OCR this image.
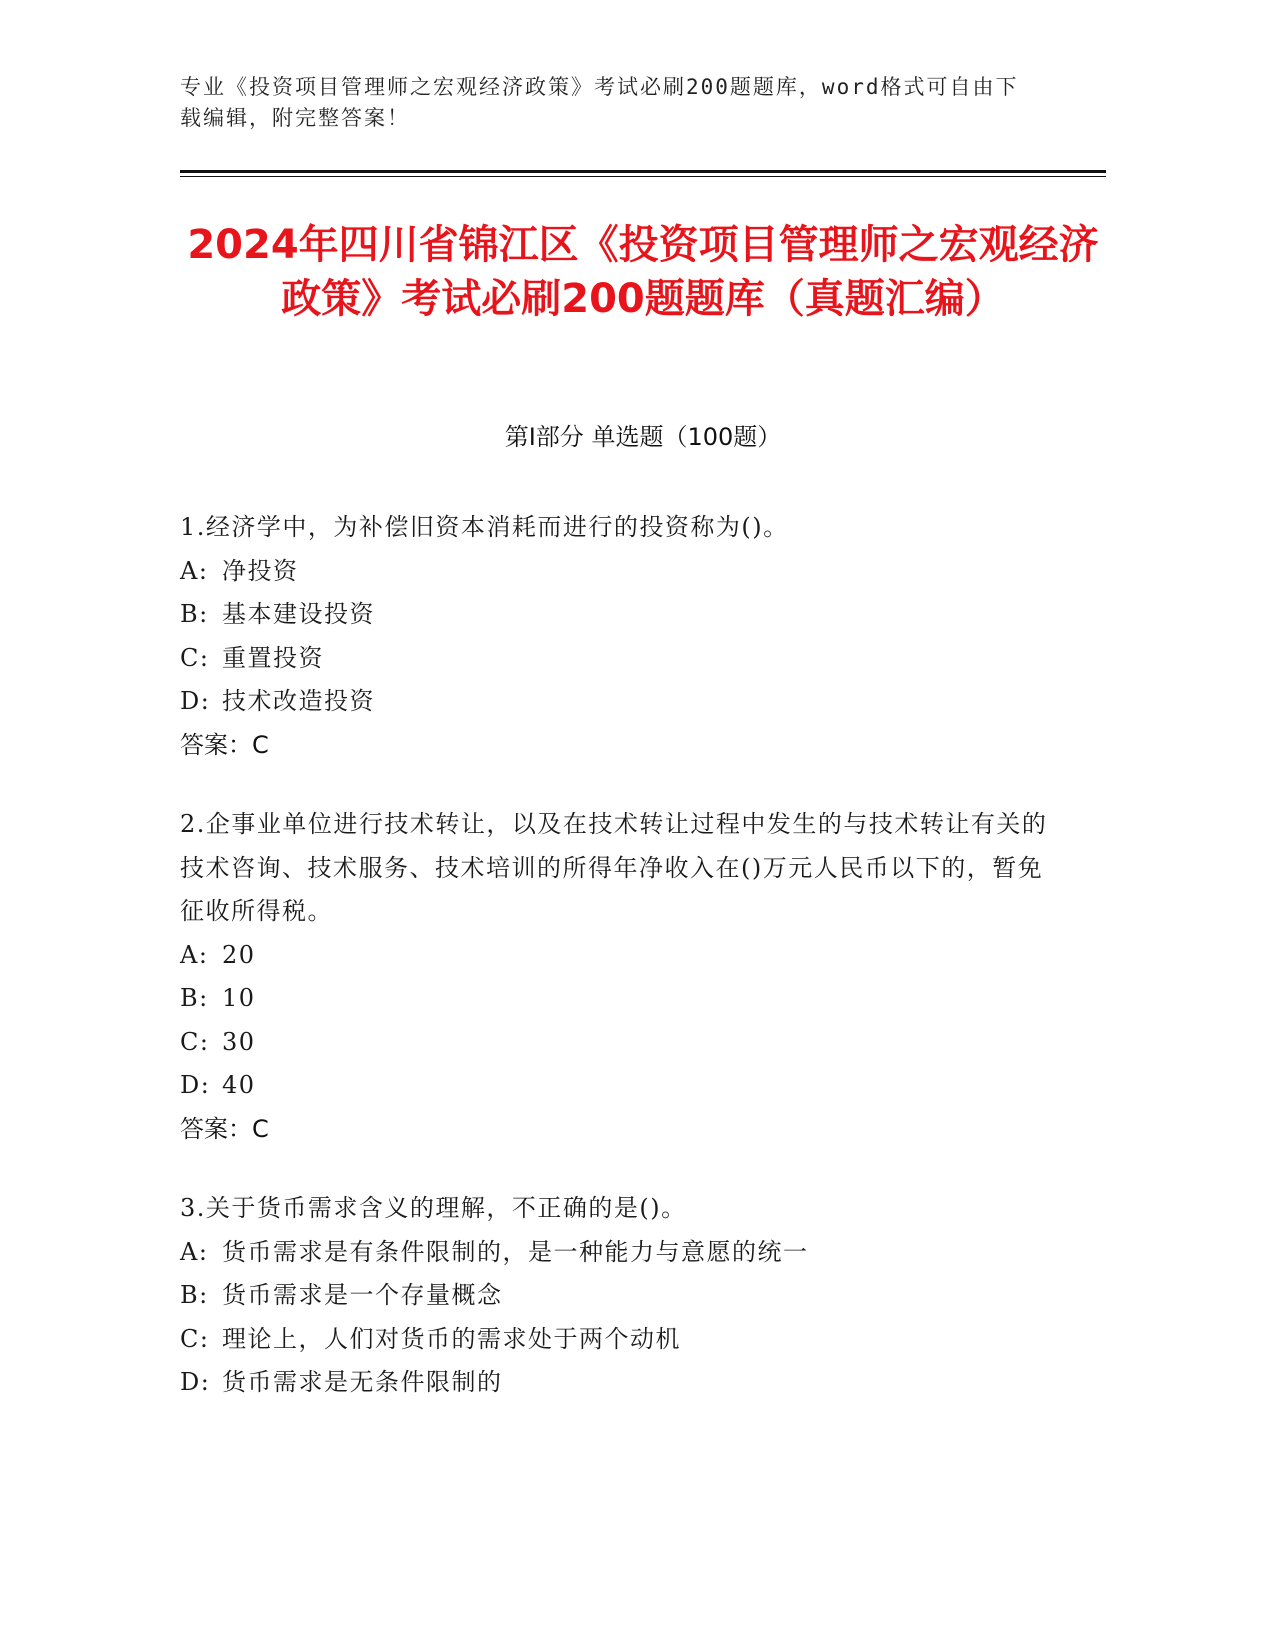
专业《投资项目管理师之宏观经济政策》考试必刷200题题库，word格式可自由下载编辑，附完整答案！
2024年四川省锦江区《投资项目管理师之宏观经济政策》考试必刷200题题库（真题汇编）
第I部分 单选题（100题）
1.经济学中，为补偿旧资本消耗而进行的投资称为()。
A: 净投资
B: 基本建设投资
C: 重置投资
D: 技术改造投资
答案：C
2.企事业单位进行技术转让，以及在技术转让过程中发生的与技术转让有关的技术咨询、技术服务、技术培训的所得年净收入在()万元人民币以下的，暂免征收所得税。
A: 20
B: 10
C: 30
D: 40
答案：C
3.关于货币需求含义的理解，不正确的是()。
A: 货币需求是有条件限制的，是一种能力与意愿的统一
B: 货币需求是一个存量概念
C: 理论上，人们对货币的需求处于两个动机
D: 货币需求是无条件限制的
